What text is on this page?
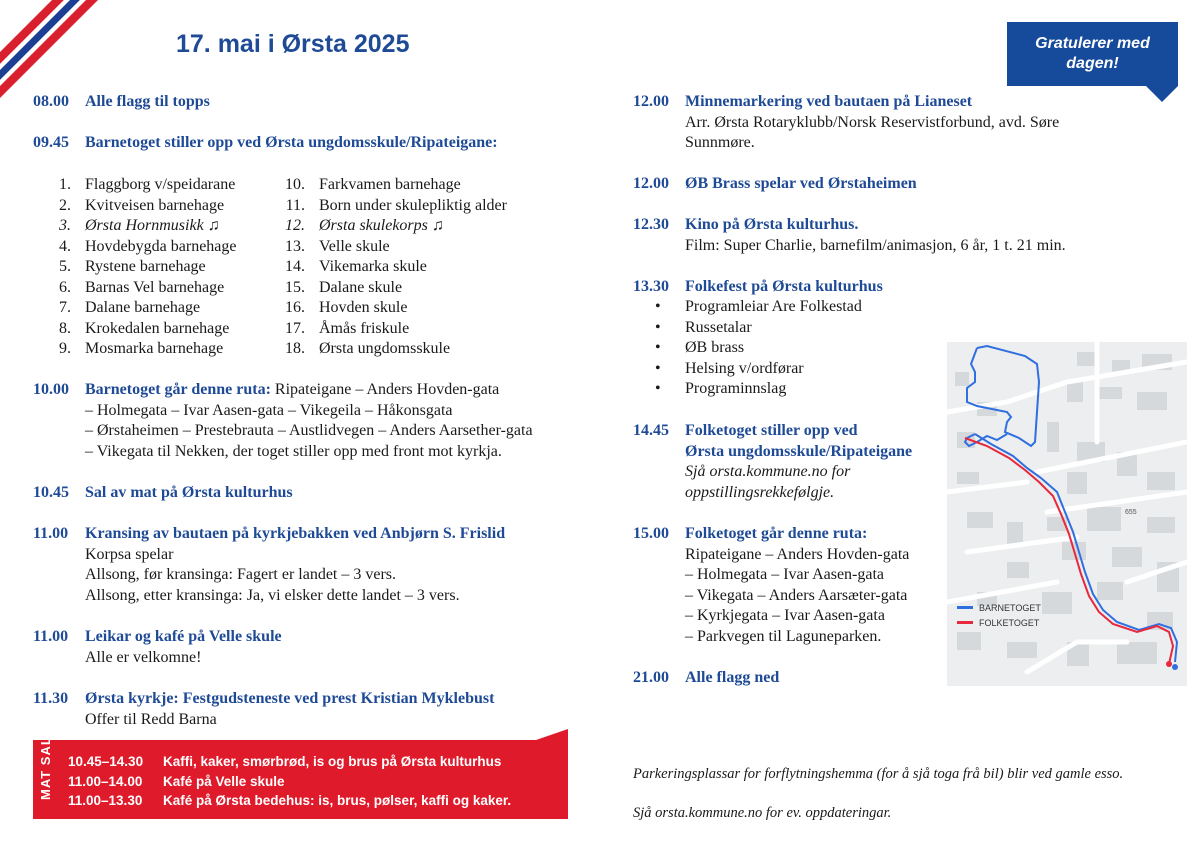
17. mai i Ørsta 2025	Gratulerer med dagen!
08.00 Alle flagg til topps
09.45 Barnetoget stiller opp ved Ørsta ungdomsskule/Ripateigane:
1. Flaggborg v/speidarane
2. Kvitveisen barnehage
3. Ørsta Hornmusikk ♫
4. Hovdebygda barnehage
5. Rystene barnehage
6. Barnas Vel barnehage
7. Dalane barnehage
8. Krokedalen barnehage
9. Mosmarka barnehage
10. Farkvamen barnehage
11. Born under skulepliktig alder
12. Ørsta skulekorps ♫
13. Velle skule
14. Vikemarka skule
15. Dalane skule
16. Hovden skule
17. Åmås friskule
18. Ørsta ungdomsskule
10.00 Barnetoget går denne ruta: Ripateigane – Anders Hovden-gata
– Holmegata – Ivar Aasen-gata – Vikegeila – Håkonsgata
– Ørstaheimen – Prestebrauta – Austlidvegen – Anders Aarsether-gata
– Vikegata til Nekken, der toget stiller opp med front mot kyrkja.
10.45 Sal av mat på Ørsta kulturhus
11.00 Kransing av bautaen på kyrkjebakken ved Anbjørn S. Frislid
Korpsa spelar
Allsong, før kransinga: Fagert er landet – 3 vers.
Allsong, etter kransinga: Ja, vi elsker dette landet – 3 vers.
11.00 Leikar og kafé på Velle skule
Alle er velkomne!
11.30 Ørsta kyrkje: Festgudsteneste ved prest Kristian Myklebust
Offer til Redd Barna
MAT SAL 10.45–14.30	Kaffi, kaker, smørbrød, is og brus på Ørsta kulturhus
11.00–14.00	Kafé på Velle skule
11.00–13.30	Kafé på Ørsta bedehus: is, brus, pølser, kaffi og kaker.
12.00 Minnemarkering ved bautaen på Lianeset
Arr. Ørsta Rotaryklubb/Norsk Reservistforbund, avd. Søre
Sunnmøre.
12.00 ØB Brass spelar ved Ørstaheimen
12.30 Kino på Ørsta kulturhus.
Film: Super Charlie, barnefilm/animasjon, 6 år, 1 t. 21 min.
13.30 Folkefest på Ørsta kulturhus
•	Programleiar Are Folkestad
•	Russetalar
•	ØB brass
•	Helsing v/ordførar
•	Programinnslag
14.45 Folketoget stiller opp ved
Ørsta ungdomsskule/Ripateigane
Sjå orsta.kommune.no for
oppstillingsrekkefølgje.
15.00 Folketoget går denne ruta:
Ripateigane – Anders Hovden-gata
– Holmegata – Ivar Aasen-gata
– Vikegata – Anders Aarsæter-gata
– Kyrkjegata – Ivar Aasen-gata
– Parkvegen til Laguneparken.
21.00 Alle flagg ned
655
BARNETOGET
FOLKETOGET
Parkeringsplassar for forflytningshemma (for å sjå toga frå bil) blir ved gamle esso.
Sjå orsta.kommune.no for ev. oppdateringar.
